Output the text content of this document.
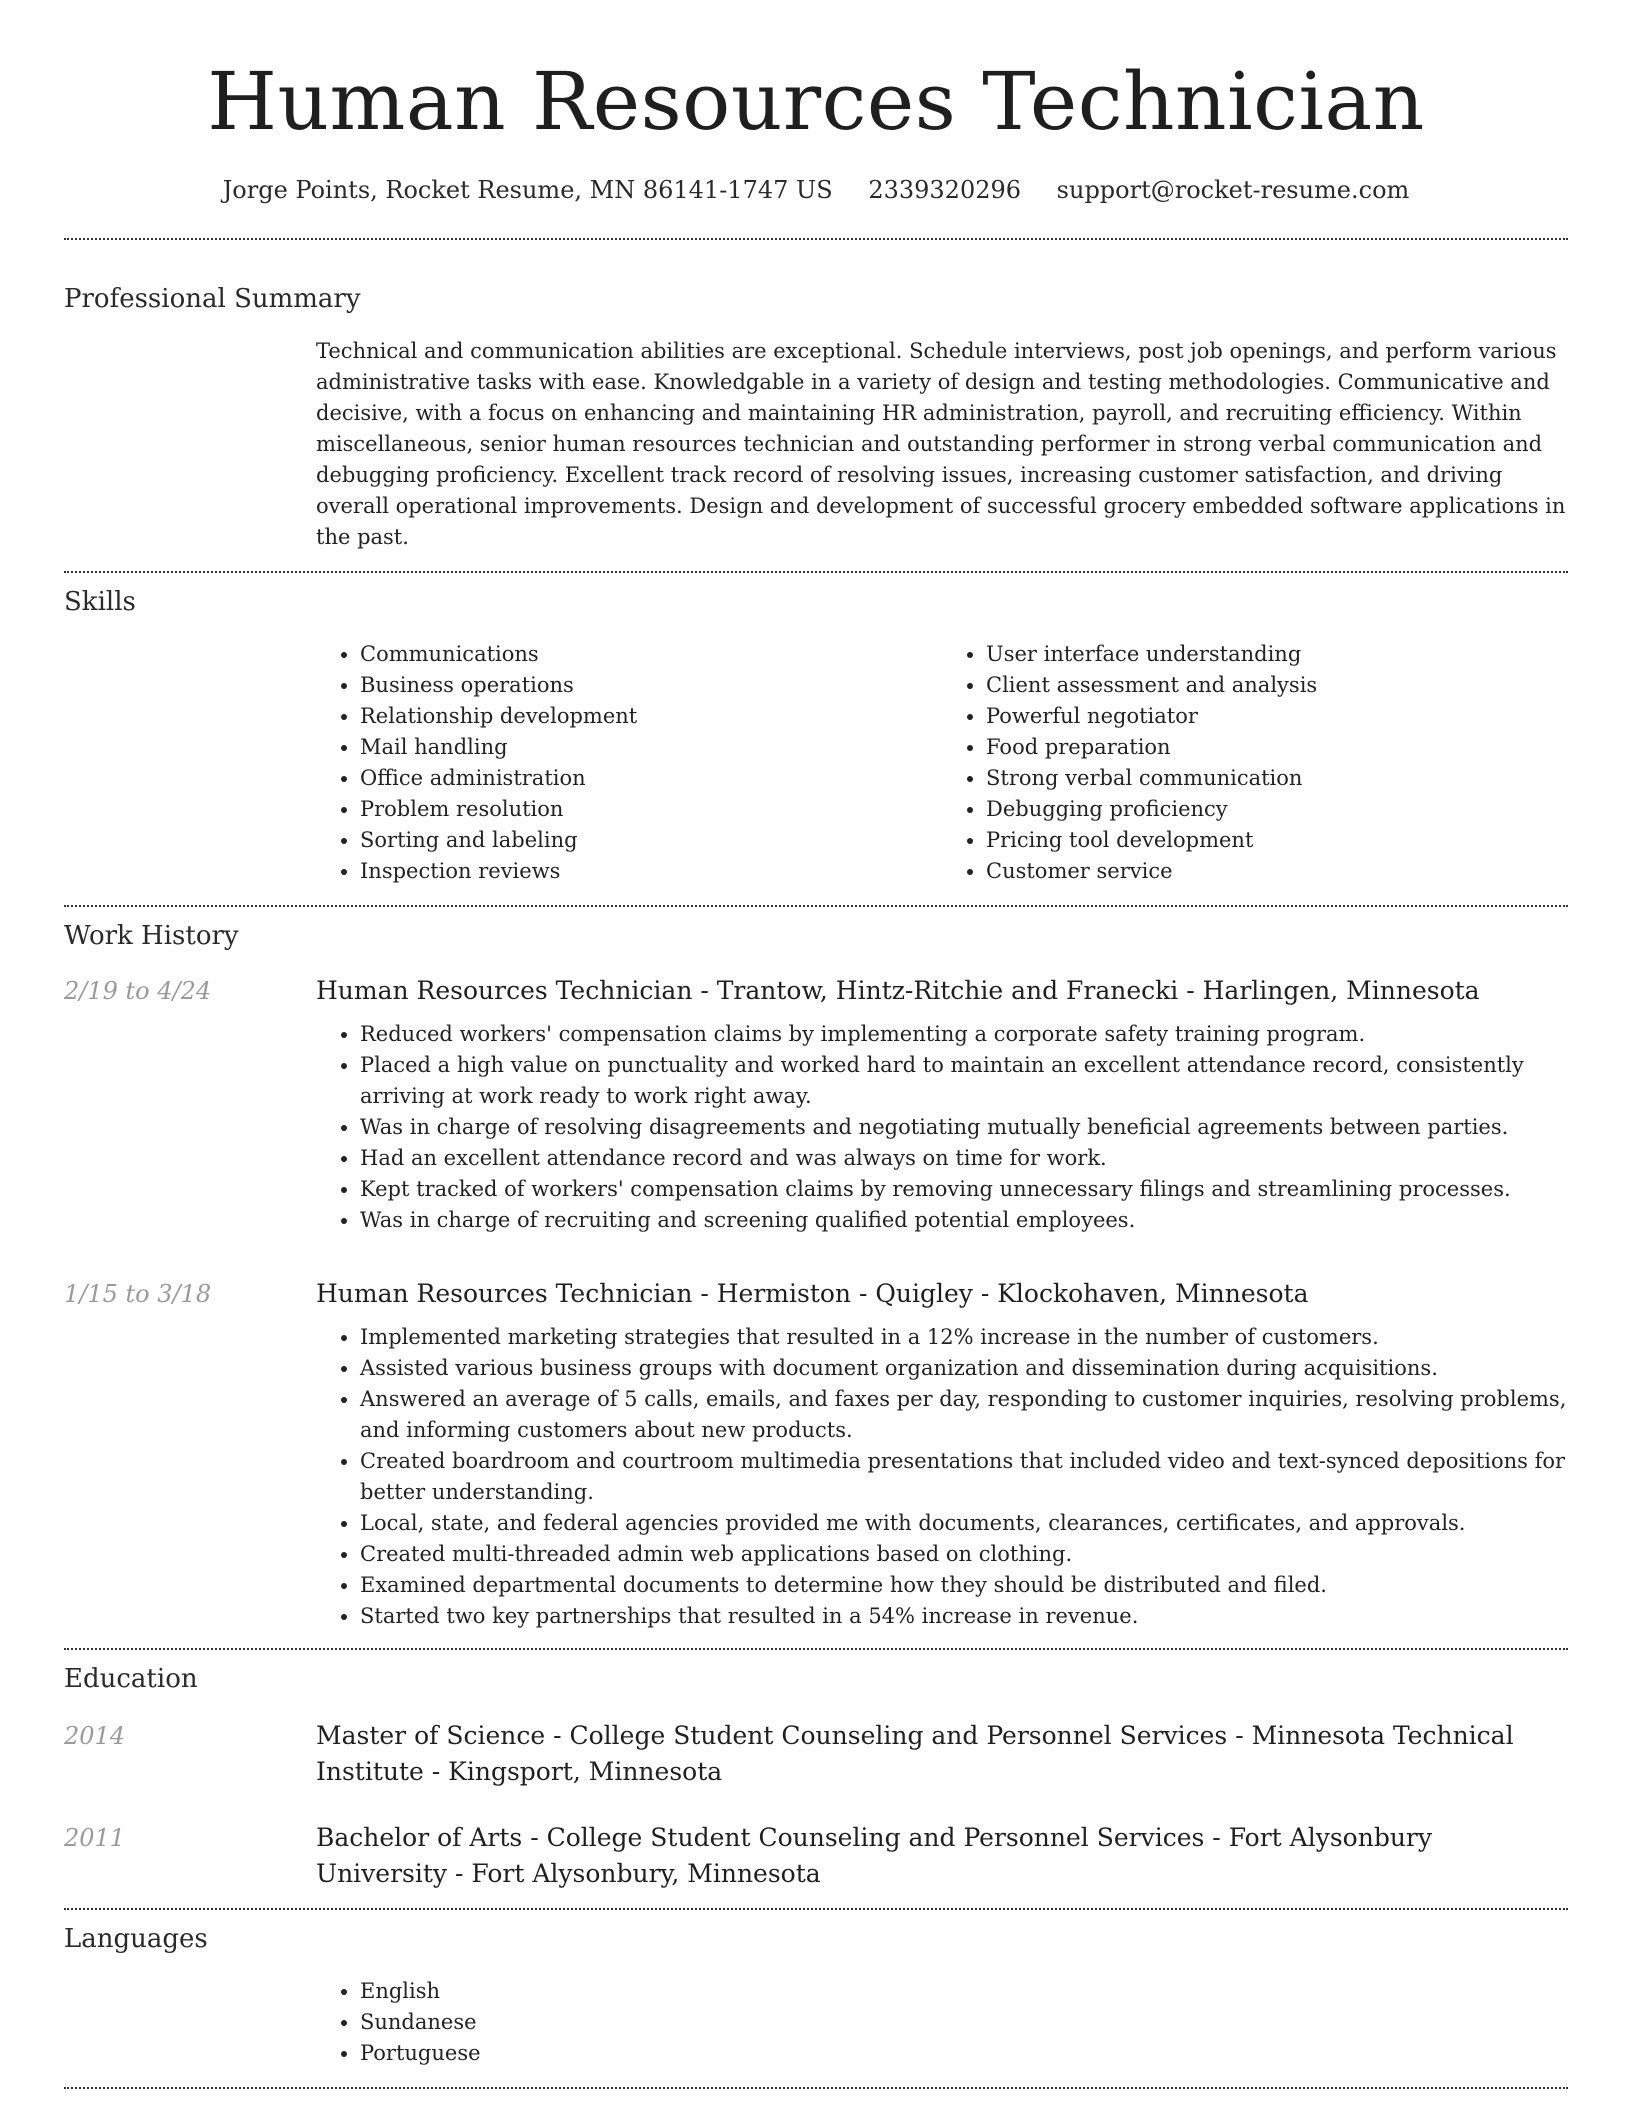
Human Resources Technician
Jorge Points, Rocket Resume, MN 86141-1747 US 2339320296 support@rocket-resume.com
Professional Summary

Technical and communication abilities are exceptional. Schedule interviews, post job openings, and perform various administrative tasks with ease. Knowledgable in a variety of design and testing methodologies. Communicative and decisive, with a focus on enhancing and maintaining HR administration, payroll, and recruiting efficiency. Within miscellaneous, senior human resources technician and outstanding performer in strong verbal communication and debugging proficiency. Excellent track record of resolving issues, increasing customer satisfaction, and driving overall operational improvements. Design and development of successful grocery embedded software applications in the past.

Skills
• Communications
• Business operations
• Relationship development
• Mail handling
• Office administration
• Problem resolution
• Sorting and labeling
• Inspection reviews
• User interface understanding
• Client assessment and analysis
• Powerful negotiator
• Food preparation
• Strong verbal communication
• Debugging proficiency
• Pricing tool development
• Customer service
Work History
2/19 to 4/24	Human Resources Technician - Trantow, Hintz-Ritchie and Franecki - Harlingen, Minnesota
• Reduced workers' compensation claims by implementing a corporate safety training program.
• Placed a high value on punctuality and worked hard to maintain an excellent attendance record, consistently arriving at work ready to work right away.
• Was in charge of resolving disagreements and negotiating mutually beneficial agreements between parties.
• Had an excellent attendance record and was always on time for work.
• Kept tracked of workers' compensation claims by removing unnecessary filings and streamlining processes.
• Was in charge of recruiting and screening qualified potential employees.
1/15 to 3/18	Human Resources Technician - Hermiston - Quigley - Klockohaven, Minnesota
• Implemented marketing strategies that resulted in a 12% increase in the number of customers.
• Assisted various business groups with document organization and dissemination during acquisitions.
• Answered an average of 5 calls, emails, and faxes per day, responding to customer inquiries, resolving problems, and informing customers about new products.
• Created boardroom and courtroom multimedia presentations that included video and text-synced depositions for better understanding.
• Local, state, and federal agencies provided me with documents, clearances, certificates, and approvals.
• Created multi-threaded admin web applications based on clothing.
• Examined departmental documents to determine how they should be distributed and filed.
• Started two key partnerships that resulted in a 54% increase in revenue.
Education
2014	Master of Science - College Student Counseling and Personnel Services - Minnesota Technical Institute - Kingsport, Minnesota
2011	Bachelor of Arts - College Student Counseling and Personnel Services - Fort Alysonbury University - Fort Alysonbury, Minnesota
Languages
• English
• Sundanese
• Portuguese
